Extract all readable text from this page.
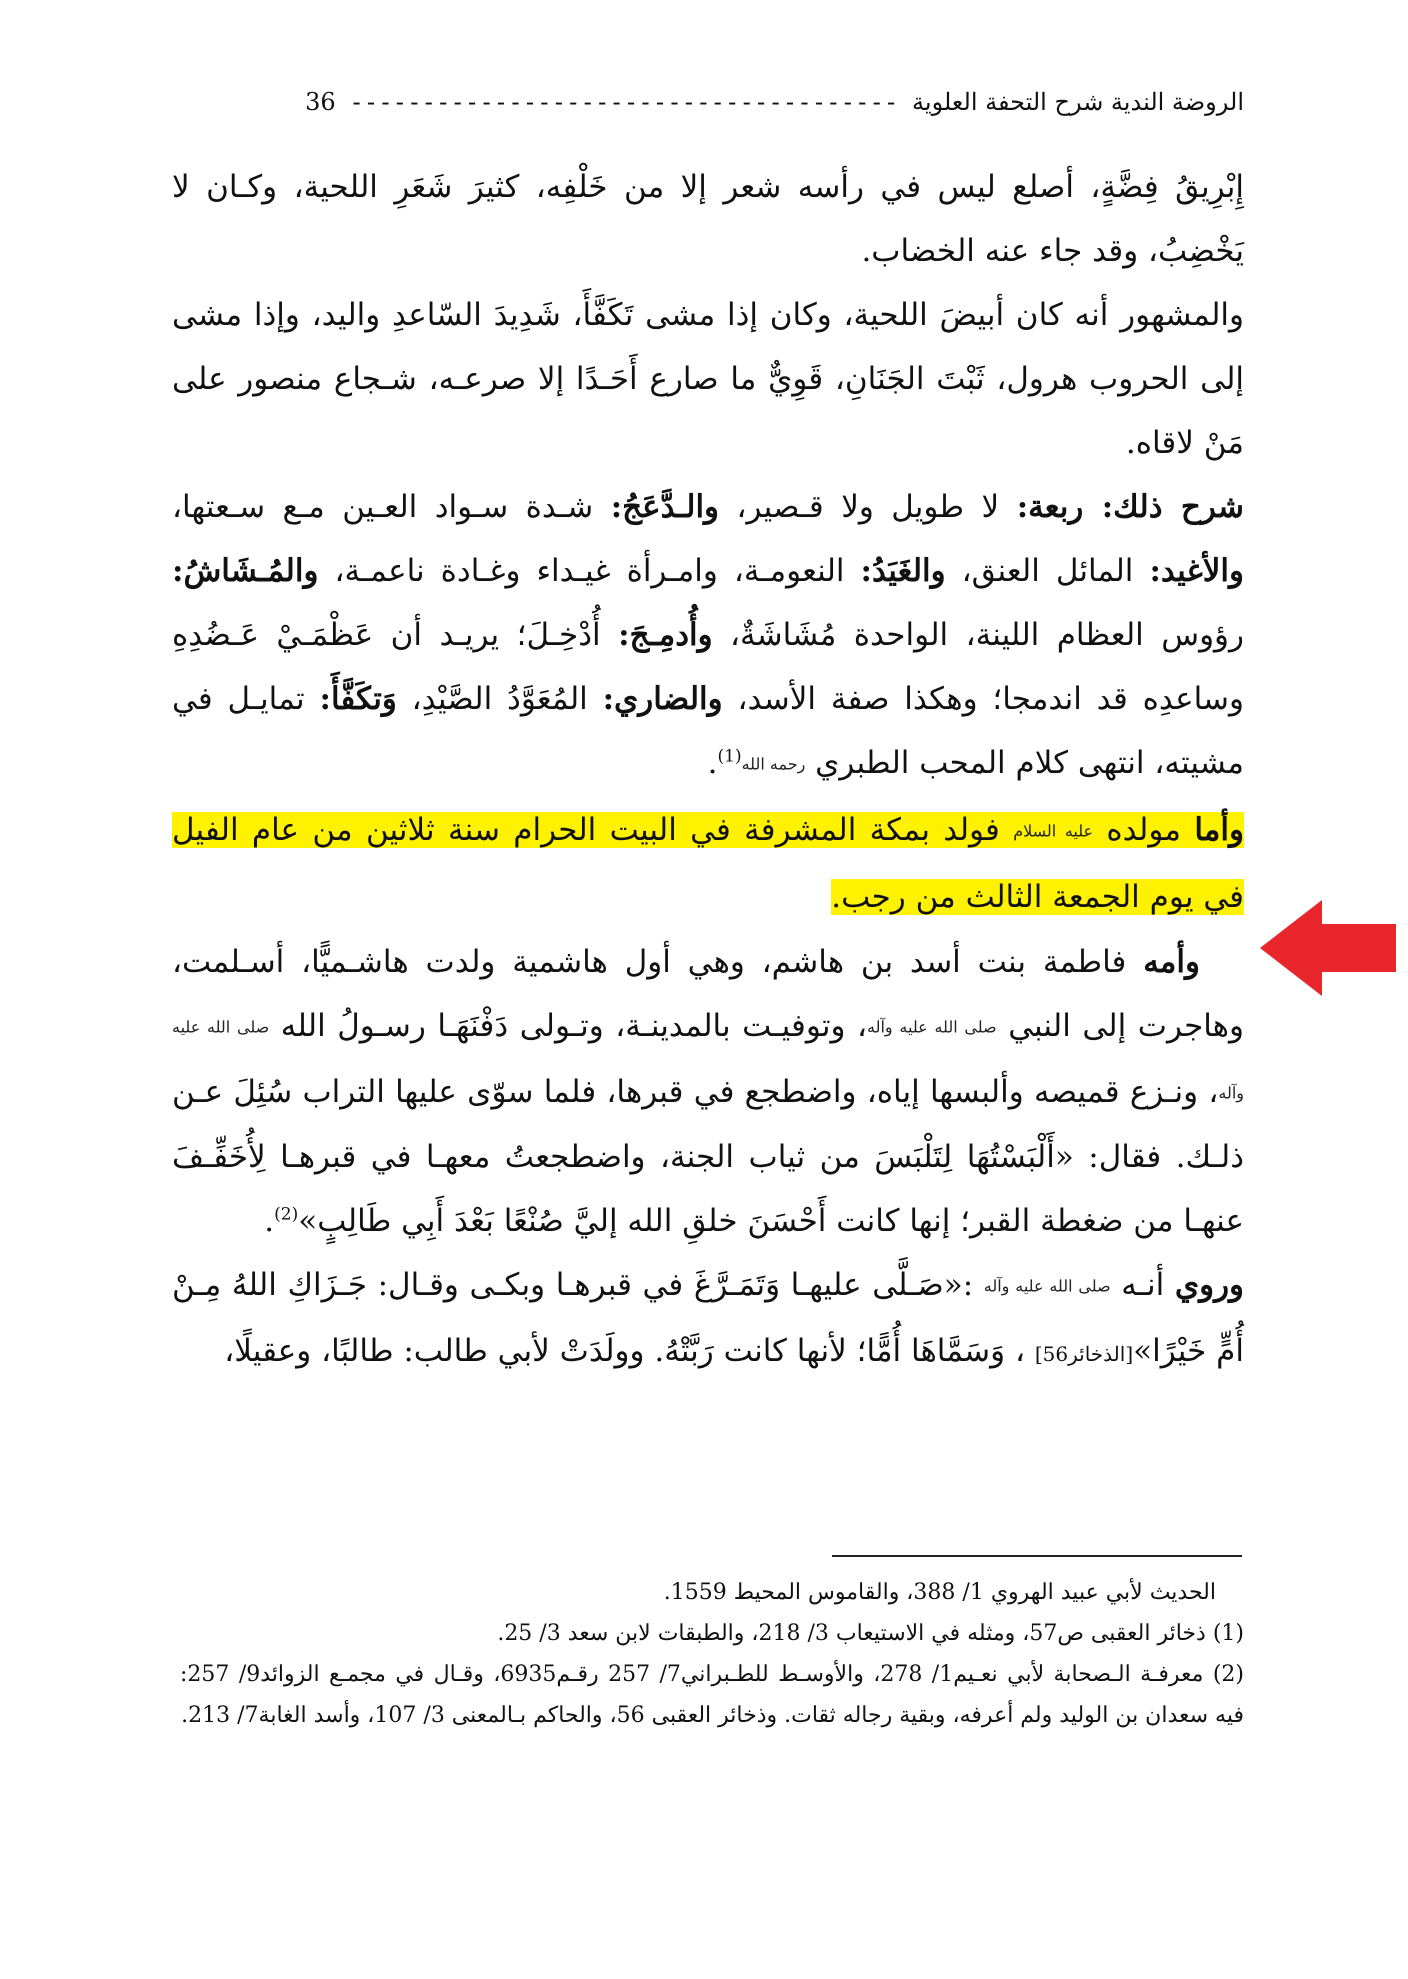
الروضة الندية شرح التحفة العلوية -------------------------------------- 36

إِبْرِيقُ فِضَّةٍ، أصلع ليس في رأسه شعر إلا من خَلْفِه، كثيرَ شَعَرِ اللحية، وكـان لا يَخْضِبُ، وقد جاء عنه الخضاب.

والمشهور أنه كان أبيضَ اللحية، وكان إذا مشى تَكَفَّأَ، شَدِيدَ السّاعدِ واليد، وإذا مشى إلى الحروب هرول، ثَبْتَ الجَنَانِ، قَوِيٌّ ما صارع أَحَـدًا إلا صرعـه، شـجاع منصور على مَنْ لاقاه.

شرح ذلك: ربعة: لا طويل ولا قـصير، والـدَّعَجُ: شـدة سـواد العـين مـع سـعتها، والأغيد: المائل العنق، والغَيَدُ: النعومـة، وامـرأة غيـداء وغـادة ناعمـة، والمُـشَاشُ: رؤوس العظام اللينة، الواحدة مُشَاشَةٌ، وأُدمِـجَ: أُدْخِـلَ؛ يريـد أن عَظْمَـيْ عَـضُدِهِ وساعدِه قد اندمجا؛ وهكذا صفة الأسد، والضاري: المُعَوَّدُ الصَّيْدِ، وَتكَفَّأَ: تمايـل في مشيته، انتهى كلام المحب الطبري رحمه الله$^{(1)}$.

وأما مولده عليه السلام فولد بمكة المشرفة في البيت الحرام سنة ثلاثين من عام الفيل في يوم الجمعة الثالث من رجب.

وأمه فاطمة بنت أسد بن هاشم، وهي أول هاشمية ولدت هاشـميًّا، أسـلمت، وهاجرت إلى النبي صلى الله عليه وآله، وتوفيـت بالمدينـة، وتـولى دَفْنَهَـا رسـولُ الله صلى الله عليه وآله، ونـزع قميصه وألبسها إياه، واضطجع في قبرها، فلما سوّى عليها التراب سُئِلَ عـن ذلـك. فقال: «أَلْبَسْتُهَا لِتَلْبَسَ من ثياب الجنة، واضطجعتُ معهـا في قبرهـا لِأُخَفِّـفَ عنهـا من ضغطة القبر؛ إنها كانت أَحْسَنَ خلقِ الله إليَّ صُنْعًا بَعْدَ أَبِي طَالِبٍ»$^{(2)}$.

وروي أنـه صلى الله عليه وآله :«صَـلَّى عليهـا وَتَمَـرَّغَ في قبرهـا وبكـى وقـال: جَـزَاكِ اللهُ مِـنْ أُمٍّ خَيْرًا»[الذخائر56] ، وَسَمَّاهَا أُمًّا؛ لأنها كانت رَبَّتْهُ. وولَدَتْ لأبي طالب: طالبًا، وعقيلًا،

الحديث لأبي عبيد الهروي 1/ 388، والقاموس المحيط 1559.

(1) ذخائر العقبى ص57، ومثله في الاستيعاب 3/ 218، والطبقات لابن سعد 3/ 25.

(2) معرفـة الـصحابة لأبي نعـيم1/ 278، والأوسـط للطـبراني7/ 257 رقـم6935، وقـال في مجمـع الزوائد9/ 257: فيه سعدان بن الوليد ولم أعرفه، وبقية رجاله ثقات. وذخائر العقبى 56، والحاكم بـالمعنى 3/ 107، وأسد الغابة7/ 213.
